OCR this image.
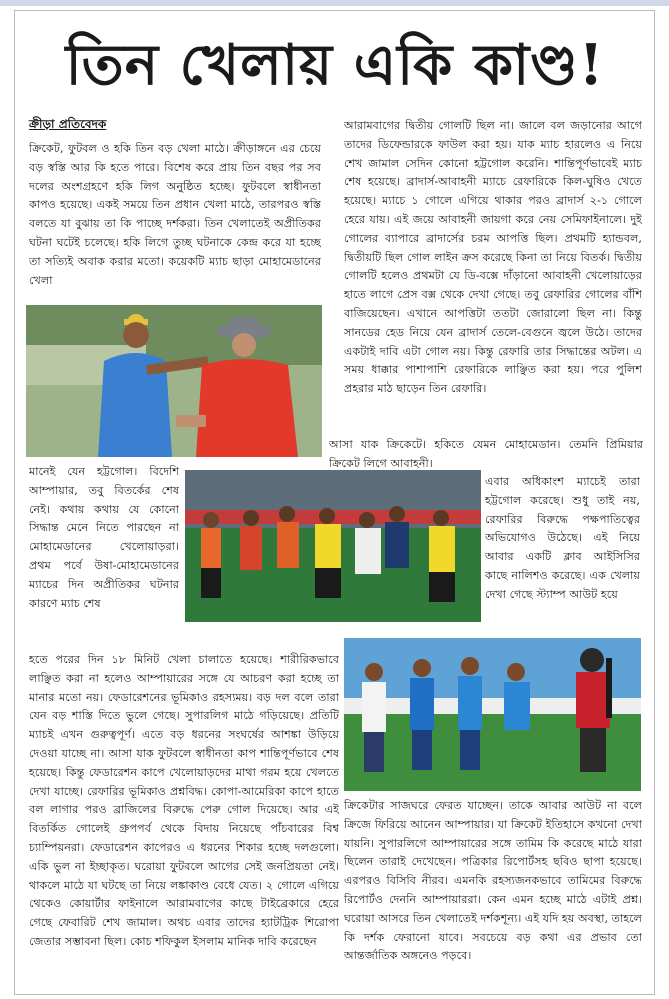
তিন খেলায় একি কাণ্ড!
ক্রীড়া প্রতিবেদক

ক্রিকেট, ফুটবল ও হকি তিন বড় খেলা মাঠে। ক্রীড়াঙ্গনে এর চেয়ে বড় স্বস্তি আর কি হতে পারে। বিশেষ করে প্রায় তিন বছর পর সব দলের অংশগ্রহণে হকি লিগ অনুষ্ঠিত হচ্ছে। ফুটবলে স্বাধীনতা কাপও হয়েছে। একই সময়ে তিন প্রধান খেলা মাঠে, তারপরও স্বস্তি বলতে যা বুঝায় তা কি পাচ্ছে দর্শকরা। তিন খেলাতেই অপ্রীতিকর ঘটনা ঘটেই চলেছে। হকি লিগে তুচ্ছ ঘটনাকে কেন্দ্র করে যা হচ্ছে তা সত্যিই অবাক করার মতো। কয়েকটি ম্যাচ ছাড়া মোহামেডানের খেলা

মানেই যেন হট্টগোল। বিদেশি আম্পায়ার, তবু বিতর্কের শেষ নেই। কথায় কথায় যে কোনো সিদ্ধান্ত মেনে নিতে পারছেন না মোহামেডানের খেলোয়াড়রা। প্রথম পর্বে উষা-মোহামেডানের ম্যাচের দিন অপ্রীতিকর ঘটনার কারণে ম্যাচ শেষ

হতে পরের দিন ১৮ মিনিট খেলা চালাতে হয়েছে। শারীরিকভাবে লাঞ্ছিত করা না হলেও আম্পায়ারের সঙ্গে যে আচরণ করা হচ্ছে তা মানার মতো নয়। ফেডারেশনের ভূমিকাও রহস্যময়। বড় দল বলে তারা যেন বড় শাস্তি দিতে ভুলে গেছে। সুপারলিগ মাঠে গড়িয়েছে। প্রতিটি ম্যাচই এখন গুরুত্বপূর্ণ। এতে বড় ধরনের সংঘর্ষের আশঙ্কা উড়িয়ে দেওয়া যাচ্ছে না। আসা যাক ফুটবলে স্বাধীনতা কাপ শান্তিপূর্ণভাবে শেষ হয়েছে। কিন্তু ফেডারেশন কাপে খেলোয়াড়দের মাথা গরম হয়ে খেলতে দেখা যাচ্ছে। রেফারির ভূমিকাও প্রশ্নবিদ্ধ। কোপা-আমেরিকা কাপে হাতে বল লাগার পরও ব্রাজিলের বিরুদ্ধে পেরু গোল দিয়েছে। আর এই বিতর্কিত গোলেই গ্রুপপর্ব থেকে বিদায় নিয়েছে পাঁচবারের বিশ্ব চ্যাম্পিয়নরা। ফেডারেশন কাপেরও এ ধরনের শিকার হচ্ছে দলগুলো। একি ভুল না ইচ্ছাকৃত। ঘরোয়া ফুটবলে আগের সেই জনপ্রিয়তা নেই। থাকলে মাঠে যা ঘটছে তা নিয়ে লঙ্কাকাণ্ড বেধে যেত। ২ গোলে এগিয়ে থেকেও কোয়ার্টার ফাইনালে আরামবাগের কাছে টাইব্রেকারে হেরে গেছে ফেবারিট শেখ জামাল। অথচ এবার তাদের হ্যাটট্রিক শিরোপা জেতার সম্ভাবনা ছিল। কোচ শফিকুল ইসলাম মানিক দাবি করেছেন

আরামবাগের দ্বিতীয় গোলটি ছিল না। জালে বল জড়ানোর আগে তাদের ডিফেন্ডারকে ফাউল করা হয়। যাক ম্যাচ হারলেও এ নিয়ে শেখ জামাল সেদিন কোনো হট্টগোল করেনি। শান্তিপূর্ণভাবেই ম্যাচ শেষ হয়েছে। ব্রাদার্স-আবাহনী ম্যাচে রেফারিকে কিল-ঘুষিও খেতে হয়েছে। ম্যাচে ১ গোলে এগিয়ে থাকার পরও ব্রাদার্স ২-১ গোলে হেরে যায়। এই জয়ে আবাহনী জায়গা করে নেয় সেমিফাইনালে। দুই গোলের ব্যাপারে ব্রাদার্সের চরম আপত্তি ছিল। প্রথমটি হ্যান্ডবল, দ্বিতীয়টি ছিল গোল লাইন ক্রস করেছে কিনা তা নিয়ে বিতর্ক। দ্বিতীয় গোলটি হলেও প্রথমটা যে ডি-বক্সে দাঁড়ানো আবাহনী খেলোয়াড়ের হাতে লাগে প্রেস বক্স থেকে দেখা গেছে। তবু রেফারির গোলের বাঁশি বাজিয়েছেন। এখানে আপত্তিটা ততটা জোরালো ছিল না। কিন্তু সানডের হেড নিয়ে যেন ব্রাদার্স তেলে-বেগুনে জ্বলে উঠে। তাদের একটাই দাবি এটা গোল নয়। কিন্তু রেফারি তার সিদ্ধান্তের অটল। এ সময় ধাক্কার পাশাপাশি রেফারিকে লাঞ্ছিত করা হয়। পরে পুলিশ প্রহরার মাঠ ছাড়েন তিন রেফারি।

আসা যাক ক্রিকেটে। হকিতে যেমন মোহামেডান। তেমনি প্রিমিয়ার ক্রিকেট লিগে আবাহনী।

এবার অধিকাংশ ম্যাচেই তারা হট্টগোল করেছে। শুধু তাই নয়, রেফারির বিরুদ্ধে পক্ষপাতিত্বের অভিযোগও উঠেছে। এই নিয়ে আবার একটি ক্লাব আইসিসির কাছে নালিশও করেছে। এক খেলায় দেখা গেছে স্ট্যাম্প আউট হয়ে

ক্রিকেটার সাজঘরে ফেরত যাচ্ছেন। তাকে আবার আউট না বলে ক্রিজে ফিরিয়ে আনেন আম্পায়ার। যা ক্রিকেট ইতিহাসে কখনো দেখা যায়নি। সুপারলিগে আম্পায়ারের সঙ্গে তামিম কি করেছে মাঠে যারা ছিলেন তারাই দেখেছেন। পত্রিকার রিপোর্টসহ ছবিও ছাপা হয়েছে। এরপরও বিসিবি নীরব। এমনকি রহস্যজনকভাবে তামিমের বিরুদ্ধে রিপোর্টও দেননি আম্পায়াররা। কেন এমন হচ্ছে মাঠে এটাই প্রশ্ন। ঘরোয়া আসরে তিন খেলাতেই দর্শকশূন্য। এই যদি হয় অবস্থা, তাহলে কি দর্শক ফেরানো যাবে। সবচেয়ে বড় কথা এর প্রভাব তো আন্তর্জাতিক অঙ্গনেও পড়বে।
